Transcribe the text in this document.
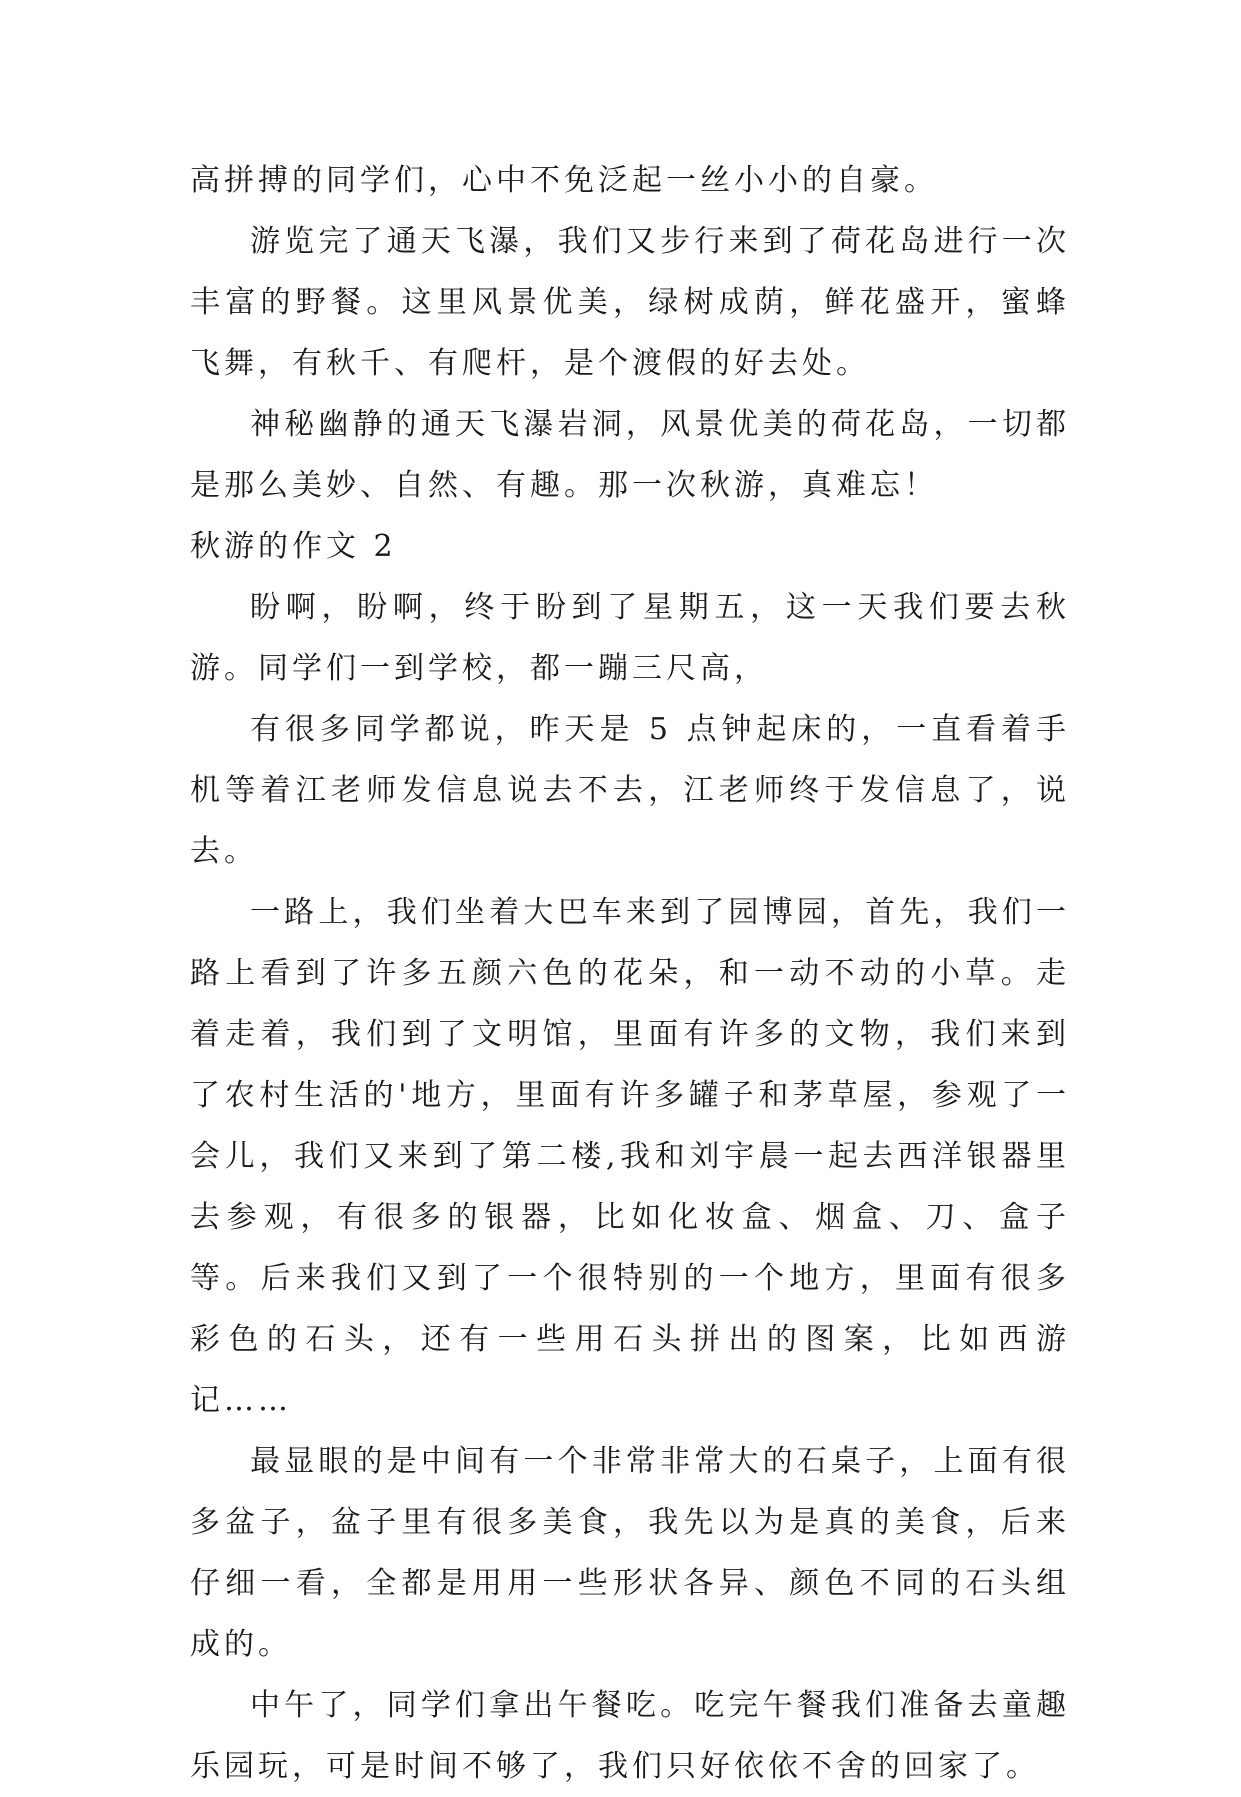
高拼搏的同学们，心中不免泛起一丝小小的自豪。

游览完了通天飞瀑，我们又步行来到了荷花岛进行一次丰富的野餐。这里风景优美，绿树成荫，鲜花盛开，蜜蜂飞舞，有秋千、有爬杆，是个渡假的好去处。

神秘幽静的通天飞瀑岩洞，风景优美的荷花岛，一切都是那么美妙、自然、有趣。那一次秋游，真难忘！

秋游的作文 2

盼啊，盼啊，终于盼到了星期五，这一天我们要去秋游。同学们一到学校，都一蹦三尺高，

有很多同学都说，昨天是 5 点钟起床的，一直看着手机等着江老师发信息说去不去，江老师终于发信息了，说去。

一路上，我们坐着大巴车来到了园博园，首先，我们一路上看到了许多五颜六色的花朵，和一动不动的小草。走着走着，我们到了文明馆，里面有许多的文物，我们来到了农村生活的'地方，里面有许多罐子和茅草屋，参观了一会儿，我们又来到了第二楼,我和刘宇晨一起去西洋银器里去参观，有很多的银器，比如化妆盒、烟盒、刀、盒子等。后来我们又到了一个很特别的一个地方，里面有很多彩色的石头，还有一些用石头拼出的图案，比如西游记……

最显眼的是中间有一个非常非常大的石桌子，上面有很多盆子，盆子里有很多美食，我先以为是真的美食，后来仔细一看，全都是用用一些形状各异、颜色不同的石头组成的。

中午了，同学们拿出午餐吃。吃完午餐我们准备去童趣乐园玩，可是时间不够了，我们只好依依不舍的回家了。
